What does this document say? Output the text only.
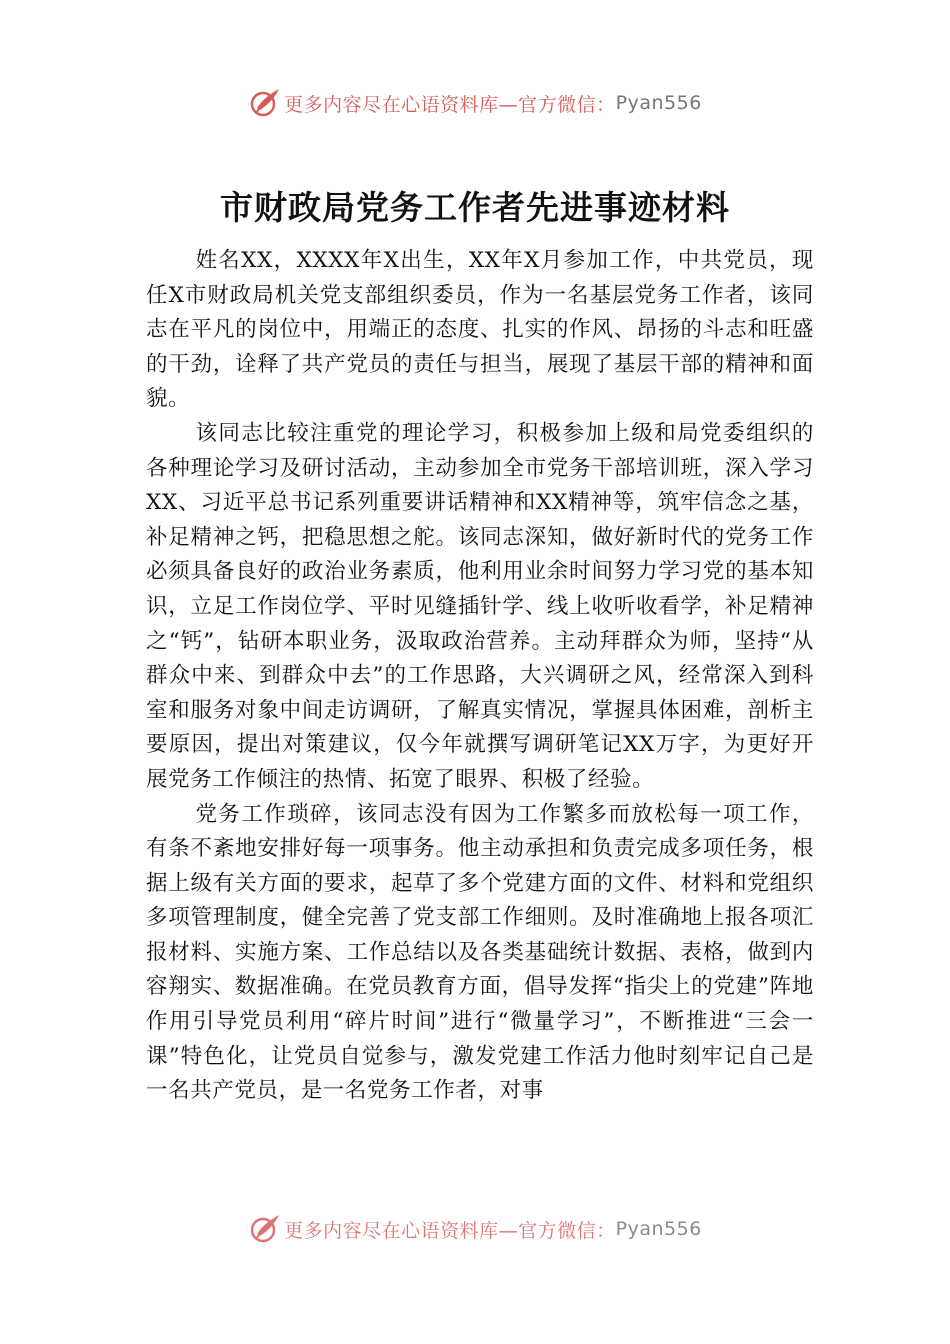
更多内容尽在心语资料库—官方微信： Pyan556
市财政局党务工作者先进事迹材料

姓名XX，XXXX年X出生，XX年X月参加工作，中共党员，现任X市财政局机关党支部组织委员，作为一名基层党务工作者，该同志在平凡的岗位中，用端正的态度、扎实的作风、昂扬的斗志和旺盛的干劲，诠释了共产党员的责任与担当，展现了基层干部的精神和面貌。

该同志比较注重党的理论学习，积极参加上级和局党委组织的各种理论学习及研讨活动，主动参加全市党务干部培训班，深入学习XX、习近平总书记系列重要讲话精神和XX精神等，筑牢信念之基，补足精神之钙，把稳思想之舵。该同志深知，做好新时代的党务工作必须具备良好的政治业务素质，他利用业余时间努力学习党的基本知识，立足工作岗位学、平时见缝插针学、线上收听收看学，补足精神之“钙”，钻研本职业务，汲取政治营养。主动拜群众为师，坚持“从群众中来、到群众中去”的工作思路，大兴调研之风，经常深入到科室和服务对象中间走访调研，了解真实情况，掌握具体困难，剖析主要原因，提出对策建议，仅今年就撰写调研笔记XX万字，为更好开展党务工作倾注的热情、拓宽了眼界、积极了经验。

党务工作琐碎，该同志没有因为工作繁多而放松每一项工作，有条不紊地安排好每一项事务。他主动承担和负责完成多项任务，根据上级有关方面的要求，起草了多个党建方面的文件、材料和党组织多项管理制度，健全完善了党支部工作细则。及时准确地上报各项汇报材料、实施方案、工作总结以及各类基础统计数据、表格，做到内容翔实、数据准确。在党员教育方面，倡导发挥“指尖上的党建”阵地作用引导党员利用“碎片时间”进行“微量学习”，不断推进“三会一课”特色化，让党员自觉参与，激发党建工作活力他时刻牢记自己是一名共产党员，是一名党务工作者，对事

更多内容尽在心语资料库—官方微信： Pyan556
